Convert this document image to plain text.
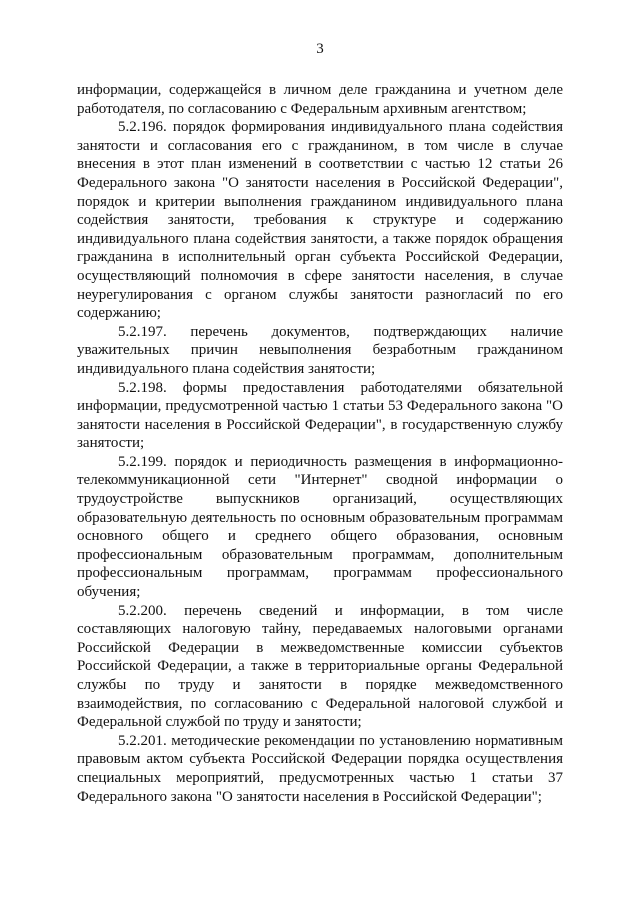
3

информации, содержащейся в личном деле гражданина и учетном деле работодателя, по согласованию с Федеральным архивным агентством;

5.2.196. порядок формирования индивидуального плана содействия занятости и согласования его с гражданином, в том числе в случае внесения в этот план изменений в соответствии с частью 12 статьи 26 Федерального закона "О занятости населения в Российской Федерации", порядок и критерии выполнения гражданином индивидуального плана содействия занятости, требования к структуре и содержанию индивидуального плана содействия занятости, а также порядок обращения гражданина в исполнительный орган субъекта Российской Федерации, осуществляющий полномочия в сфере занятости населения, в случае неурегулирования с органом службы занятости разногласий по его содержанию;

5.2.197. перечень документов, подтверждающих наличие уважительных причин невыполнения безработным гражданином индивидуального плана содействия занятости;

5.2.198. формы предоставления работодателями обязательной информации, предусмотренной частью 1 статьи 53 Федерального закона "О занятости населения в Российской Федерации", в государственную службу занятости;

5.2.199. порядок и периодичность размещения в информационно-телекоммуникационной сети "Интернет" сводной информации о трудоустройстве выпускников организаций, осуществляющих образовательную деятельность по основным образовательным программам основного общего и среднего общего образования, основным профессиональным образовательным программам, дополнительным профессиональным программам, программам профессионального обучения;

5.2.200. перечень сведений и информации, в том числе составляющих налоговую тайну, передаваемых налоговыми органами Российской Федерации в межведомственные комиссии субъектов Российской Федерации, а также в территориальные органы Федеральной службы по труду и занятости в порядке межведомственного взаимодействия, по согласованию с Федеральной налоговой службой и Федеральной службой по труду и занятости;

5.2.201. методические рекомендации по установлению нормативным правовым актом субъекта Российской Федерации порядка осуществления специальных мероприятий, предусмотренных частью 1 статьи 37 Федерального закона "О занятости населения в Российской Федерации";
